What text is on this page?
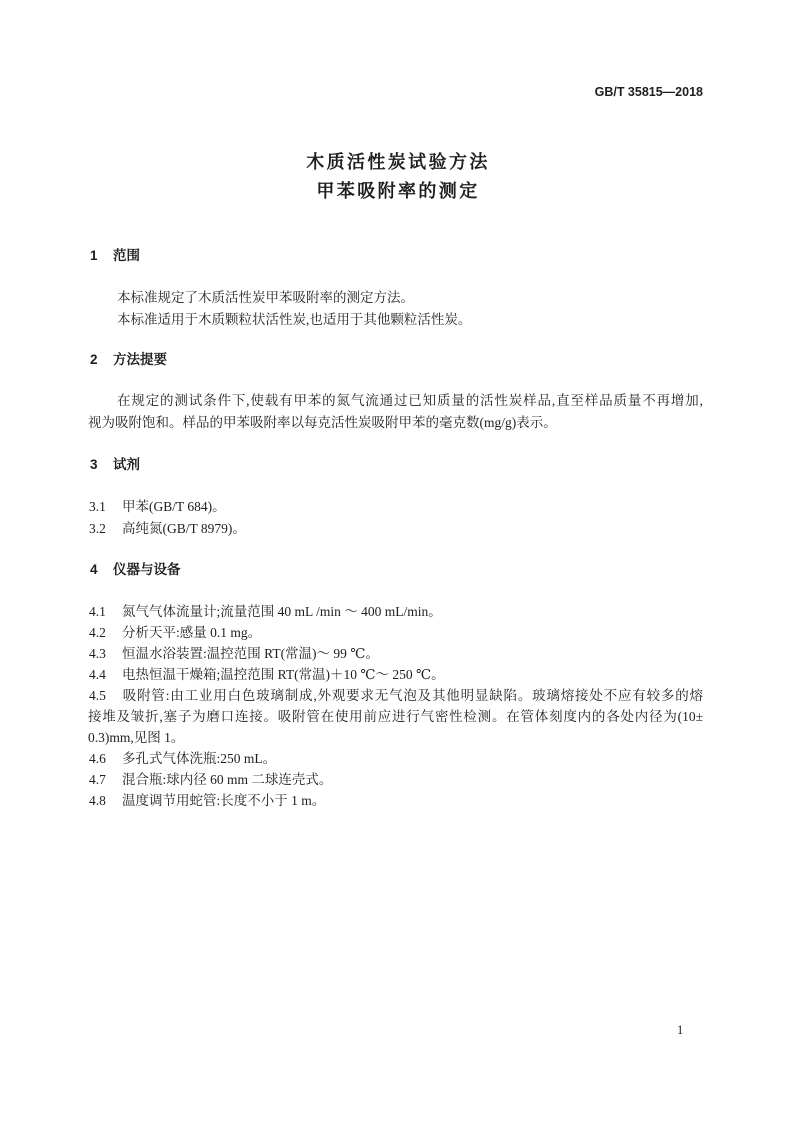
GB/T 35815—2018
木质活性炭试验方法
甲苯吸附率的测定
1 范围
本标准规定了木质活性炭甲苯吸附率的测定方法。
本标准适用于木质颗粒状活性炭,也适用于其他颗粒活性炭。
2 方法提要
在规定的测试条件下,使载有甲苯的氮气流通过已知质量的活性炭样品,直至样品质量不再增加,
视为吸附饱和。样品的甲苯吸附率以每克活性炭吸附甲苯的毫克数(mg/g)表示。
3 试剂
3.1 甲苯(GB/T 684)。
3.2 高纯氮(GB/T 8979)。
4 仪器与设备
4.1 氮气气体流量计;流量范围 40 mL /min ～ 400 mL/min。
4.2 分析天平:感量 0.1 mg。
4.3 恒温水浴装置:温控范围 RT(常温)～ 99 ℃。
4.4 电热恒温干燥箱;温控范围 RT(常温)＋10 ℃～ 250 ℃。
4.5 吸附管:由工业用白色玻璃制成,外观要求无气泡及其他明显缺陷。玻璃熔接处不应有较多的熔
接堆及皱折,塞子为磨口连接。吸附管在使用前应进行气密性检测。在管体刻度内的各处内径为(10±
0.3)mm,见图 1。
4.6 多孔式气体洗瓶:250 mL。
4.7 混合瓶:球内径 60 mm 二球连壳式。
4.8 温度调节用蛇管:长度不小于 1 m。
1
